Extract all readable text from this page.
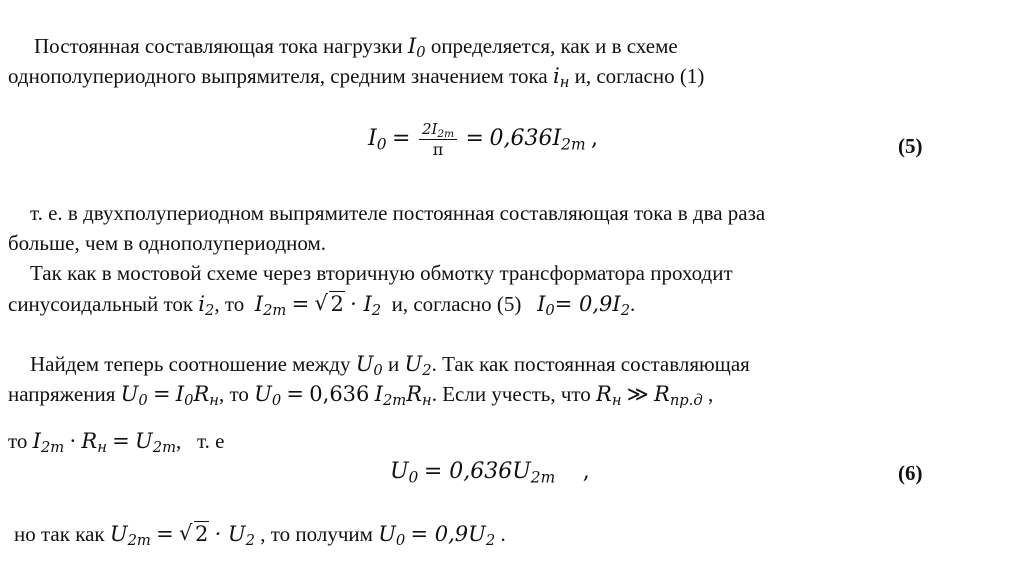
Постоянная составляющая тока нагрузки $I_0$ определяется, как и в схеме
однополупериодного выпрямителя, средним значением тока $i_н$ и, согласно (1)
$I_0 = \frac{2I_{2m}}{\pi} = 0,636I_{2m}$ ,	(5)
т. е. в двухполупериодном выпрямителе постоянная составляющая тока в два раза
больше, чем в однополупериодном.
Так как в мостовой схеме через вторичную обмотку трансформатора проходит
синусоидальный ток $i_2$, то $I_{2m}$ = √ $2 \cdot I_2$ и, согласно (5) $I_0= 0,9I_2$.
Найдем теперь соотношение между $U_0$ и $U_2$. Так как постоянная составляющая
напряжения $U_0 = I_0R_н$, то $U_0 = 0,636$ $I_{2m}R_н$. Если учесть, что $R_н$ ≫ $R_{пр.д}$ ,
то $I_{2m} \cdot R_н = U_{2m}$, т. е
$U_0 = 0,636U_{2m}$ ,	(6)
но так как $U_{2m}$ = √ $2 \cdot U_2$ , то получим $U_0 = 0,9U_2$ .
